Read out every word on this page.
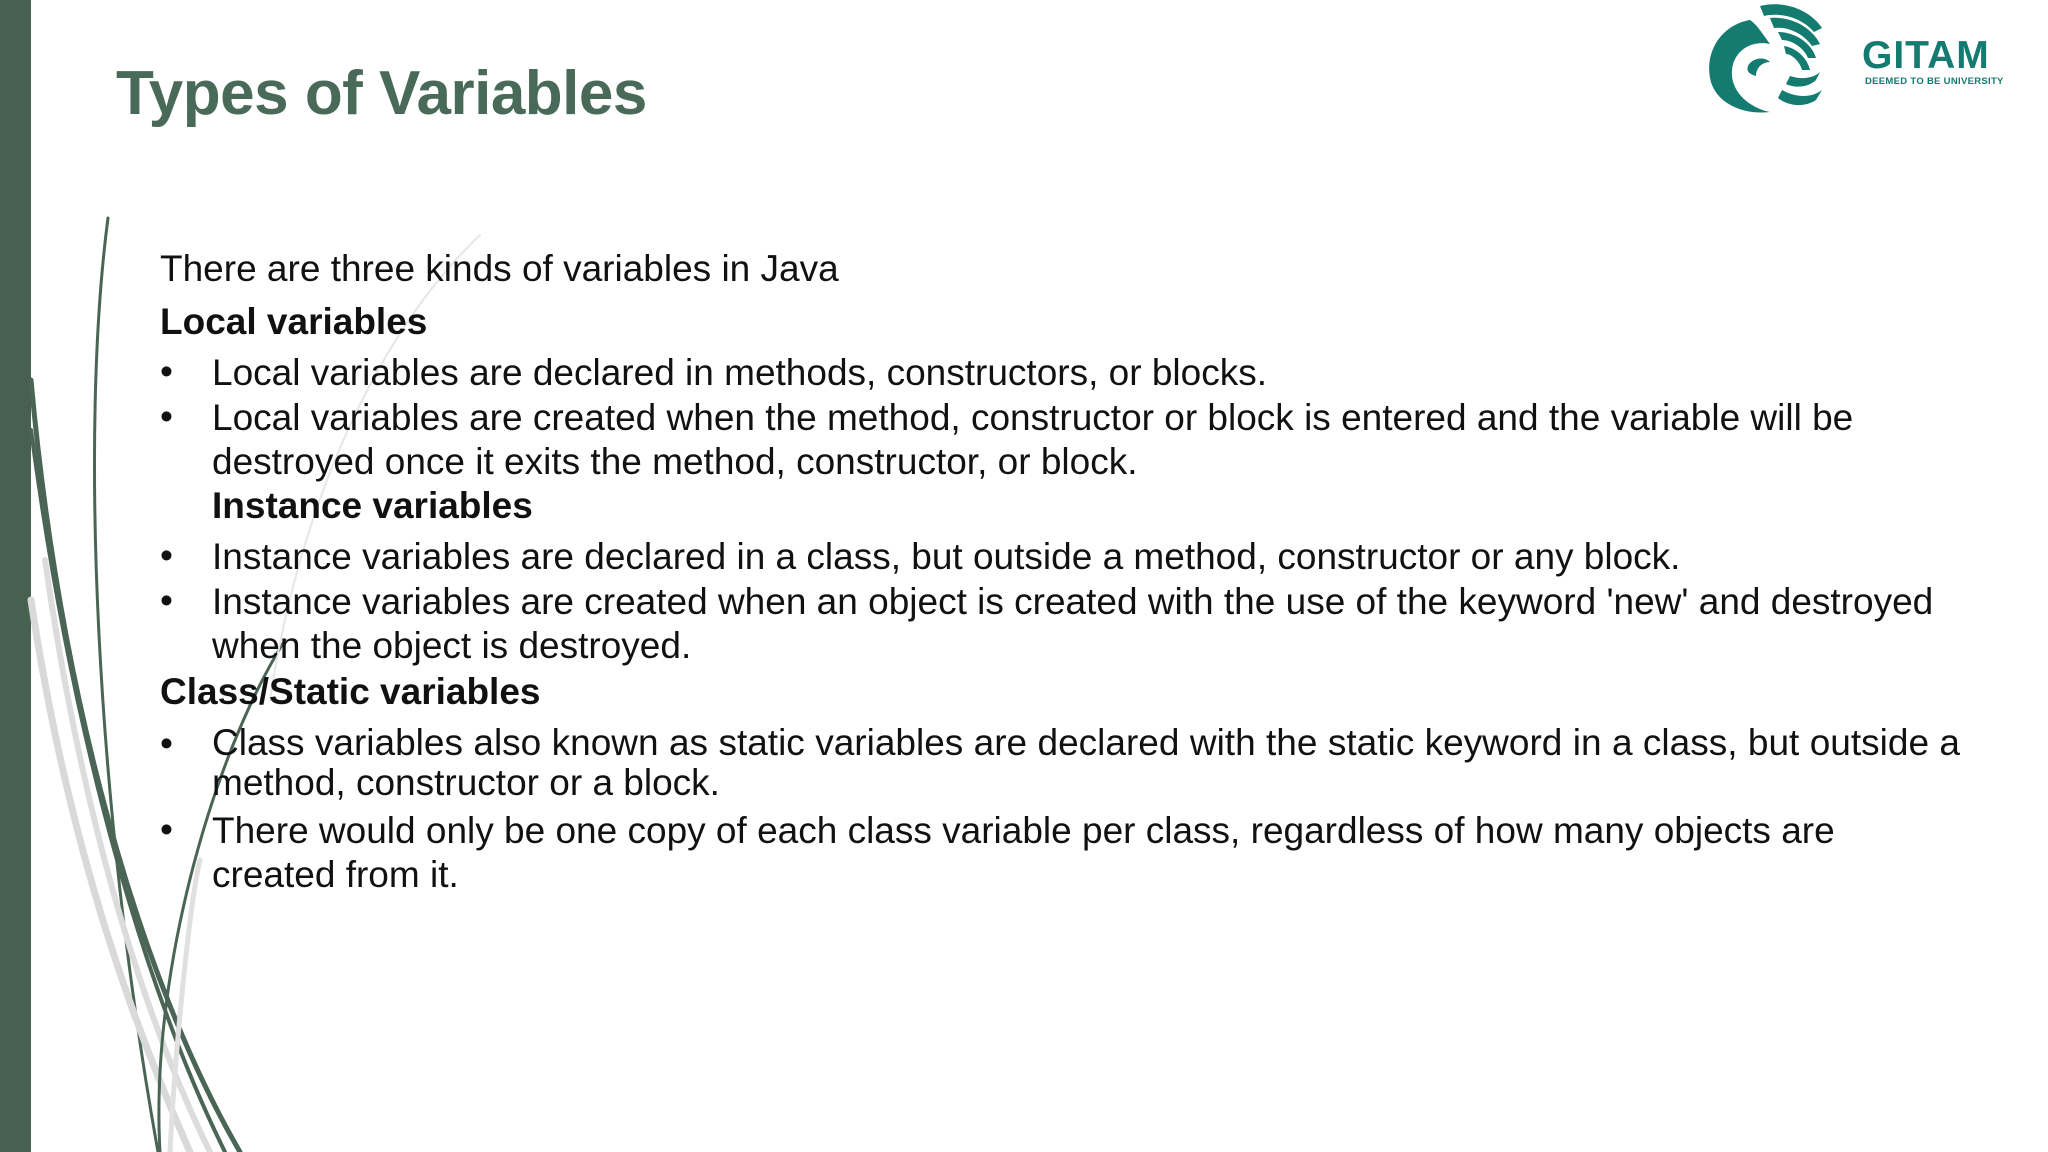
Types of Variables
GITAM
DEEMED TO BE UNIVERSITY
There are three kinds of variables in Java
Local variables
• Local variables are declared in methods, constructors, or blocks.
• Local variables are created when the method, constructor or block is entered and the variable will be destroyed once it exits the method, constructor, or block.
Instance variables
• Instance variables are declared in a class, but outside a method, constructor or any block.
• Instance variables are created when an object is created with the use of the keyword 'new' and destroyed when the object is destroyed.
Class/Static variables
• Class variables also known as static variables are declared with the static keyword in a class, but outside a method, constructor or a block.
• There would only be one copy of each class variable per class, regardless of how many objects are created from it.
